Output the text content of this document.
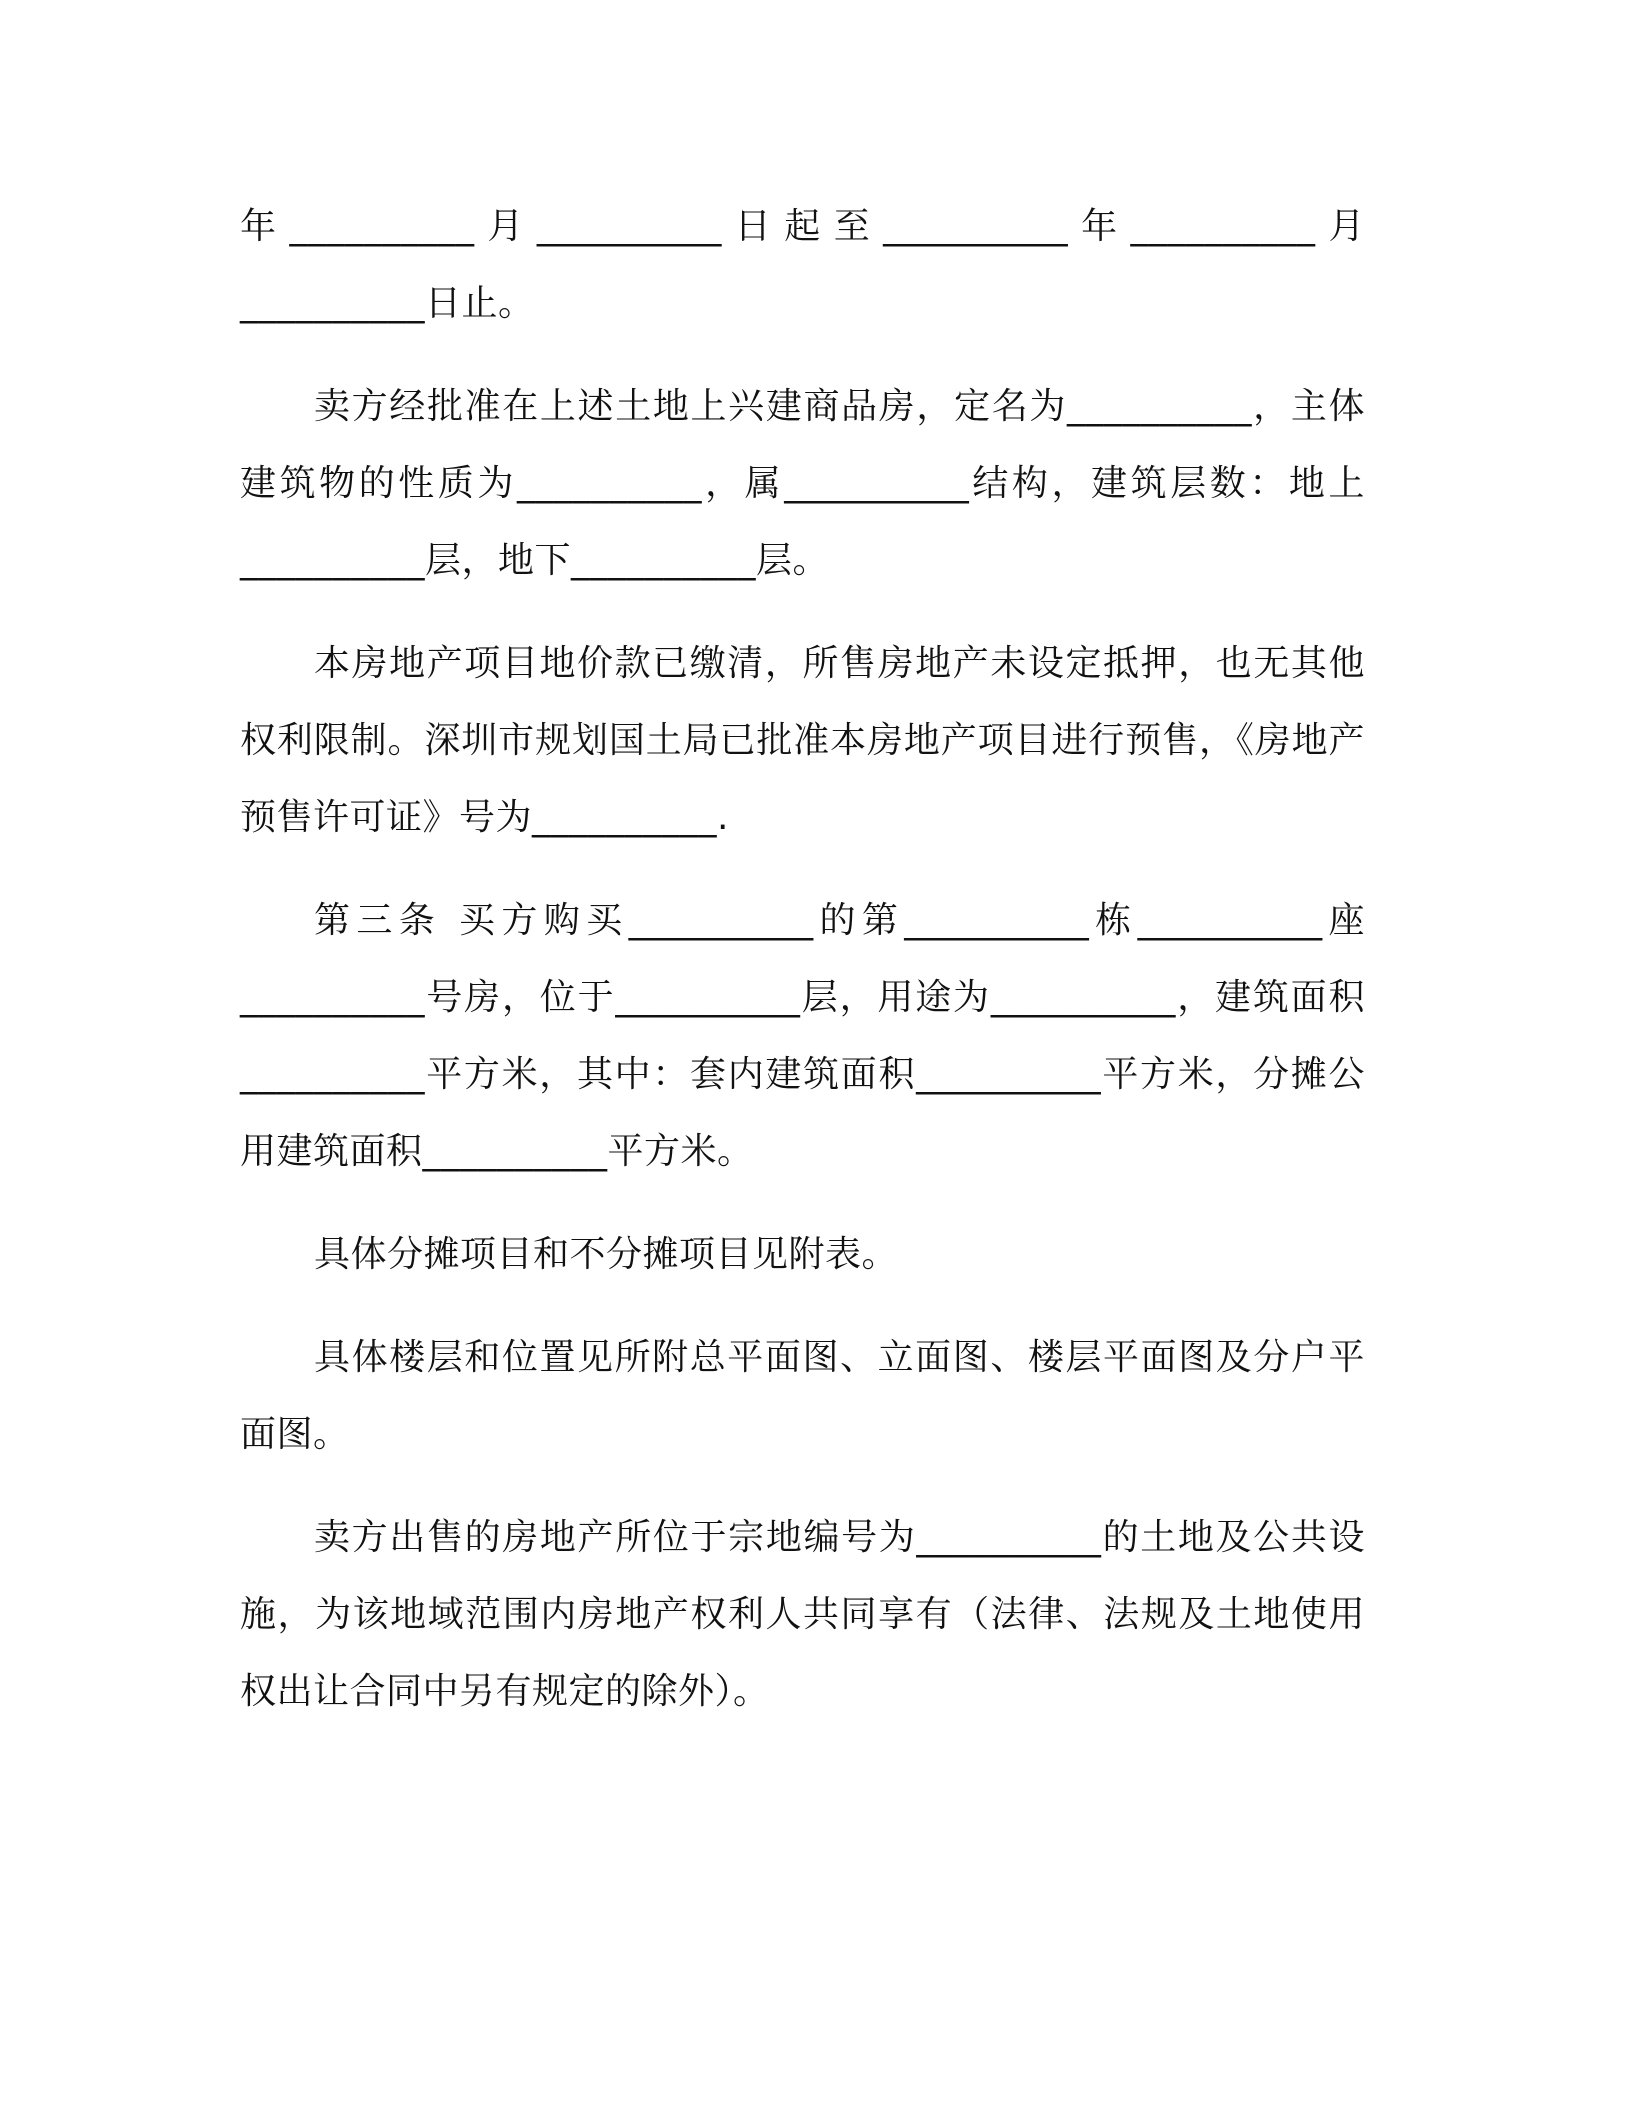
年__________月__________日起至__________年__________月__________日止。

卖方经批准在上述土地上兴建商品房，定名为__________，主体建筑物的性质为__________，属__________结构，建筑层数：地上__________层，地下__________层。

本房地产项目地价款已缴清，所售房地产未设定抵押，也无其他权利限制。深圳市规划国土局已批准本房地产项目进行预售，《房地产预售许可证》号为__________.

第三条 买方购买__________的第__________栋__________座__________号房，位于__________层，用途为__________，建筑面积__________平方米，其中：套内建筑面积__________平方米，分摊公用建筑面积__________平方米。

具体分摊项目和不分摊项目见附表。

具体楼层和位置见所附总平面图、立面图、楼层平面图及分户平面图。

卖方出售的房地产所位于宗地编号为__________的土地及公共设施，为该地域范围内房地产权利人共同享有（法律、法规及土地使用权出让合同中另有规定的除外）。
